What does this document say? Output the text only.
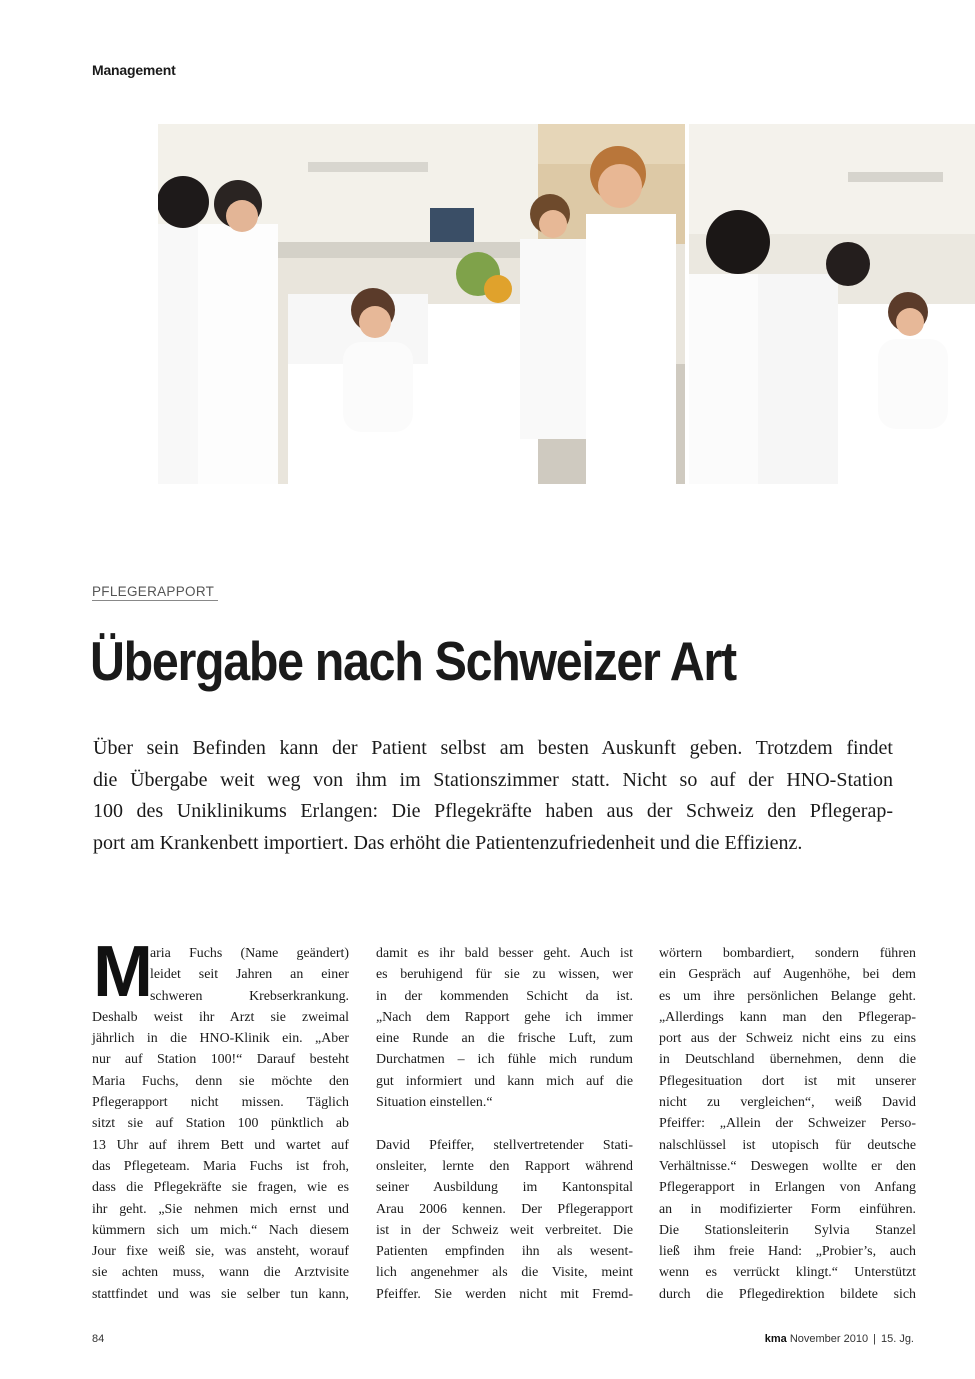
Management
PFLEGERAPPORT
Übergabe nach Schweizer Art
Über sein Befinden kann der Patient selbst am besten Auskunft geben. Trotzdem findet
die Übergabe weit weg von ihm im Stationszimmer statt. Nicht so auf der HNO-Station
100 des Uniklinikums Erlangen: Die Pflegekräfte haben aus der Schweiz den Pflegerap-
port am Krankenbett importiert. Das erhöht die Patientenzufriedenheit und die Effizienz.
M
aria Fuchs (Name geändert)
leidet seit Jahren an einer
schweren Krebserkrankung.
Deshalb weist ihr Arzt sie zweimal
jährlich in die HNO-Klinik ein. „Aber
nur auf Station 100!“ Darauf besteht
Maria Fuchs, denn sie möchte den
Pflegerapport nicht missen. Täglich
sitzt sie auf Station 100 pünktlich ab
13 Uhr auf ihrem Bett und wartet auf
das Pflegeteam. Maria Fuchs ist froh,
dass die Pflegekräfte sie fragen, wie es
ihr geht. „Sie nehmen mich ernst und
kümmern sich um mich.“ Nach diesem
Jour fixe weiß sie, was ansteht, worauf
sie achten muss, wann die Arztvisite
stattfindet und was sie selber tun kann,
damit es ihr bald besser geht. Auch ist
es beruhigend für sie zu wissen, wer
in der kommenden Schicht da ist.
„Nach dem Rapport gehe ich immer
eine Runde an die frische Luft, zum
Durchatmen – ich fühle mich rundum
gut informiert und kann mich auf die
Situation einstellen.“
David Pfeiffer, stellvertretender Stati-
onsleiter, lernte den Rapport während
seiner Ausbildung im Kantonspital
Arau 2006 kennen. Der Pflegerapport
ist in der Schweiz weit verbreitet. Die
Patienten empfinden ihn als wesent-
lich angenehmer als die Visite, meint
Pfeiffer. Sie werden nicht mit Fremd-
wörtern bombardiert, sondern führen
ein Gespräch auf Augenhöhe, bei dem
es um ihre persönlichen Belange geht.
„Allerdings kann man den Pflegerap-
port aus der Schweiz nicht eins zu eins
in Deutschland übernehmen, denn die
Pflegesituation dort ist mit unserer
nicht zu vergleichen“, weiß David
Pfeiffer: „Allein der Schweizer Perso-
nalschlüssel ist utopisch für deutsche
Verhältnisse.“ Deswegen wollte er den
Pflegerapport in Erlangen von Anfang
an in modifizierter Form einführen.
Die Stationsleiterin Sylvia Stanzel
ließ ihm freie Hand: „Probier’s, auch
wenn es verrückt klingt.“ Unterstützt
durch die Pflegedirektion bildete sich
84	kma November 2010 | 15. Jg.
